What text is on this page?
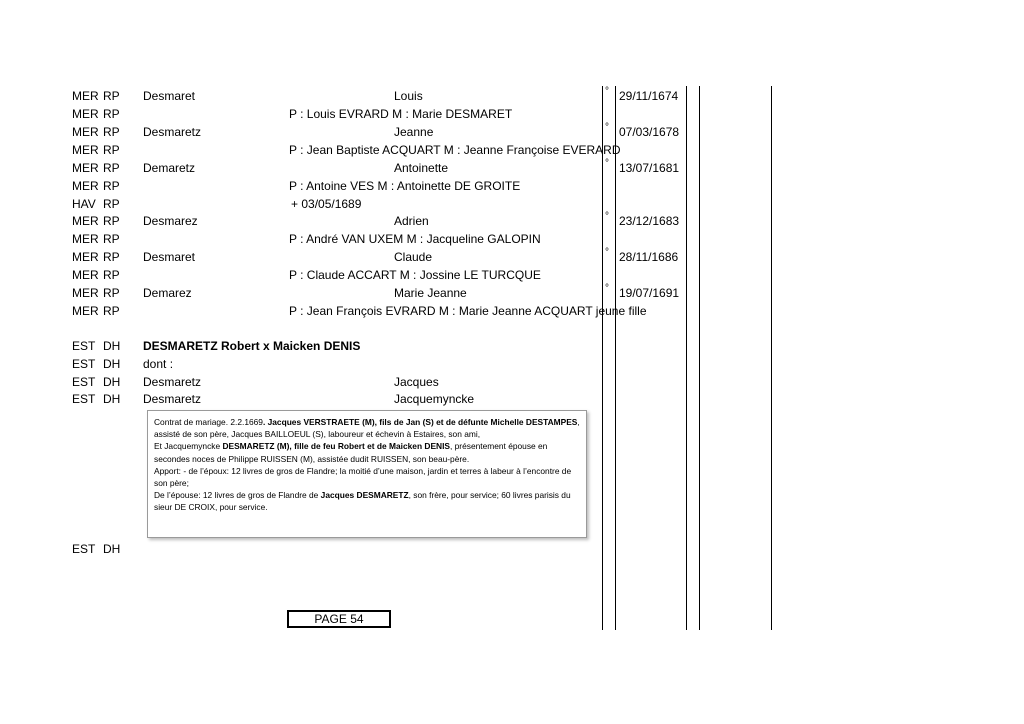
MER RP Desmaret	Louis	° 29/11/1674
MER RP	P : Louis EVRARD M : Marie DESMARET
MER RP Desmaretz	Jeanne	° 07/03/1678
MER RP	P : Jean Baptiste ACQUART M : Jeanne Françoise EVERARD
MER RP Demaretz	Antoinette	° 13/07/1681
MER RP	P : Antoine VES M : Antoinette DE GROITE
HAV RP	+ 03/05/1689
MER RP Desmarez	Adrien	° 23/12/1683
MER RP	P : André VAN UXEM M : Jacqueline GALOPIN
MER RP Desmaret	Claude	° 28/11/1686
MER RP	P : Claude ACCART M : Jossine LE TURCQUE
MER RP Demarez	Marie Jeanne	° 19/07/1691
MER RP	P : Jean François EVRARD M : Marie Jeanne ACQUART jeune fille
EST DH DESMARETZ Robert x Maicken DENIS
EST DH dont :
EST DH Desmaretz	Jacques
EST DH Desmaretz	Jacquemyncke
Contrat de mariage. 2.2.1669. Jacques VERSTRAETE (M), fils de Jan (S) et de défunte Michelle DESTAMPES, assisté de son père, Jacques BAILLOEUL (S), laboureur et échevin à Estaires, son ami,
Et Jacquemyncke DESMARETZ (M), fille de feu Robert et de Maicken DENIS, présentement épouse en secondes noces de Philippe RUISSEN (M), assistée dudit RUISSEN, son beau-père.
Apport: - de l’époux: 12 livres de gros de Flandre; la moitié d’une maison, jardin et terres à labeur à l’encontre de son père;
De l’épouse: 12 livres de gros de Flandre de Jacques DESMARETZ, son frère, pour service; 60 livres parisis du sieur DE CROIX, pour service.
EST DH
PAGE 54
